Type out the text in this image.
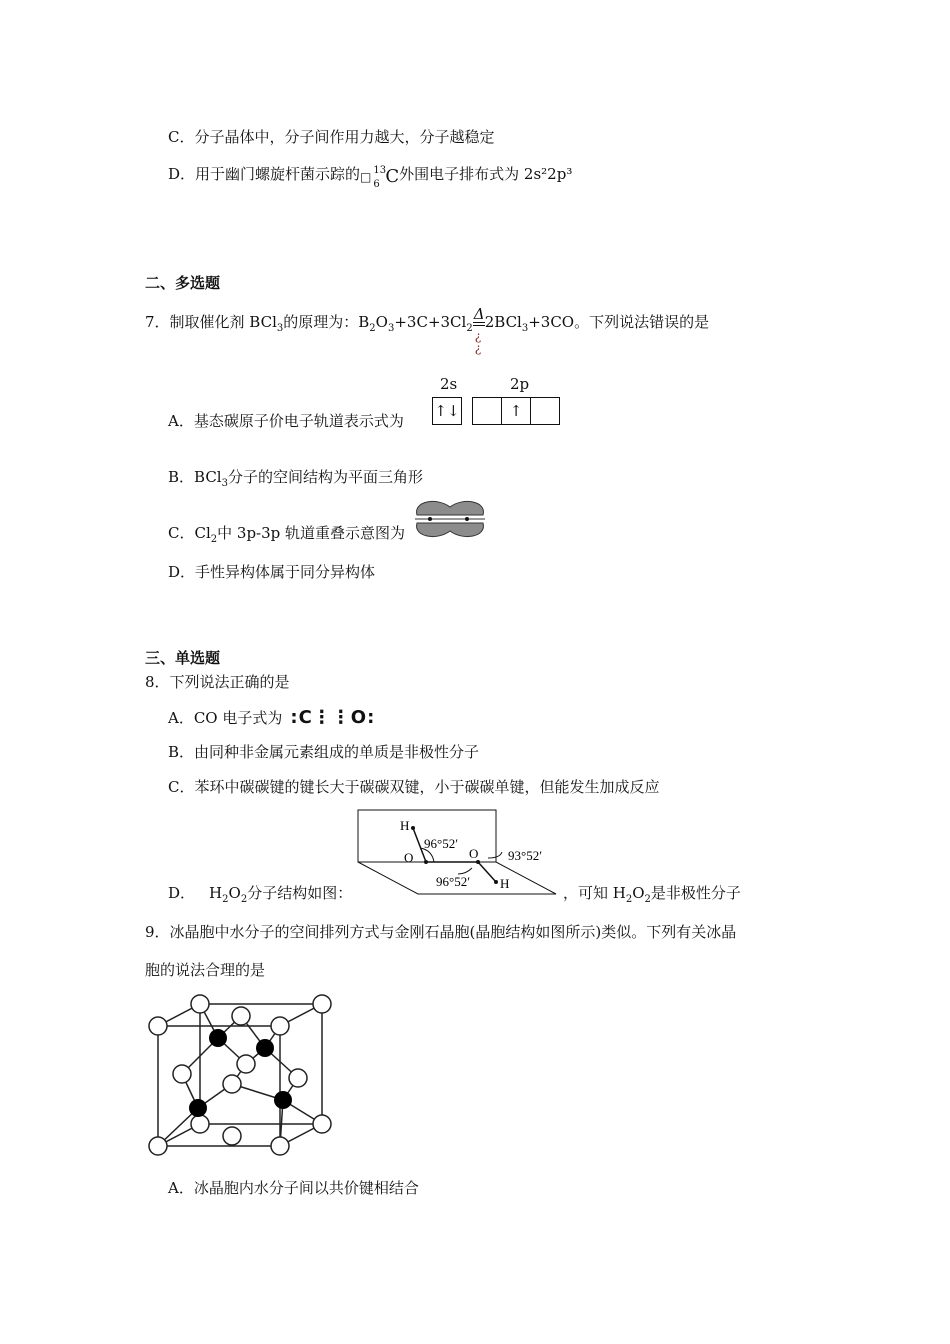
C．分子晶体中，分子间作用力越大，分子越稳定
D．用于幽门螺旋杆菌示踪的□ 13
6 C外围电子排布式为 2s²2p³
二、多选题
7．制取催化剂 BCl$_3$的原理为：$B_2O_3+3C+3Cl_2$
Δ
¿
¿
2BCl$_3$+3CO。下列说法错误的是
A．基态碳原子价电子轨道表示式为
2s	2p
↑↓	↑
B．BCl$_3$分子的空间结构为平面三角形
C．$Cl_2$中 3p-3p 轨道重叠示意图为
D．手性异构体属于同分异构体
三、单选题
8．下列说法正确的是
A．CO 电子式为 :C⋮⋮O:
B．由同种非金属元素组成的单质是非极性分子
C．苯环中碳碳键的键长大于碳碳双键，小于碳碳单键，但能发生加成反应
D． $H_2O_2$分子结构如图：	，可知 $H_2O_2$是非极性分子
H
O	O
H
96°52′
93°52′
96°52′
9．冰晶胞中水分子的空间排列方式与金刚石晶胞(晶胞结构如图所示)类似。下列有关冰晶
胞的说法合理的是
A．冰晶胞内水分子间以共价键相结合
